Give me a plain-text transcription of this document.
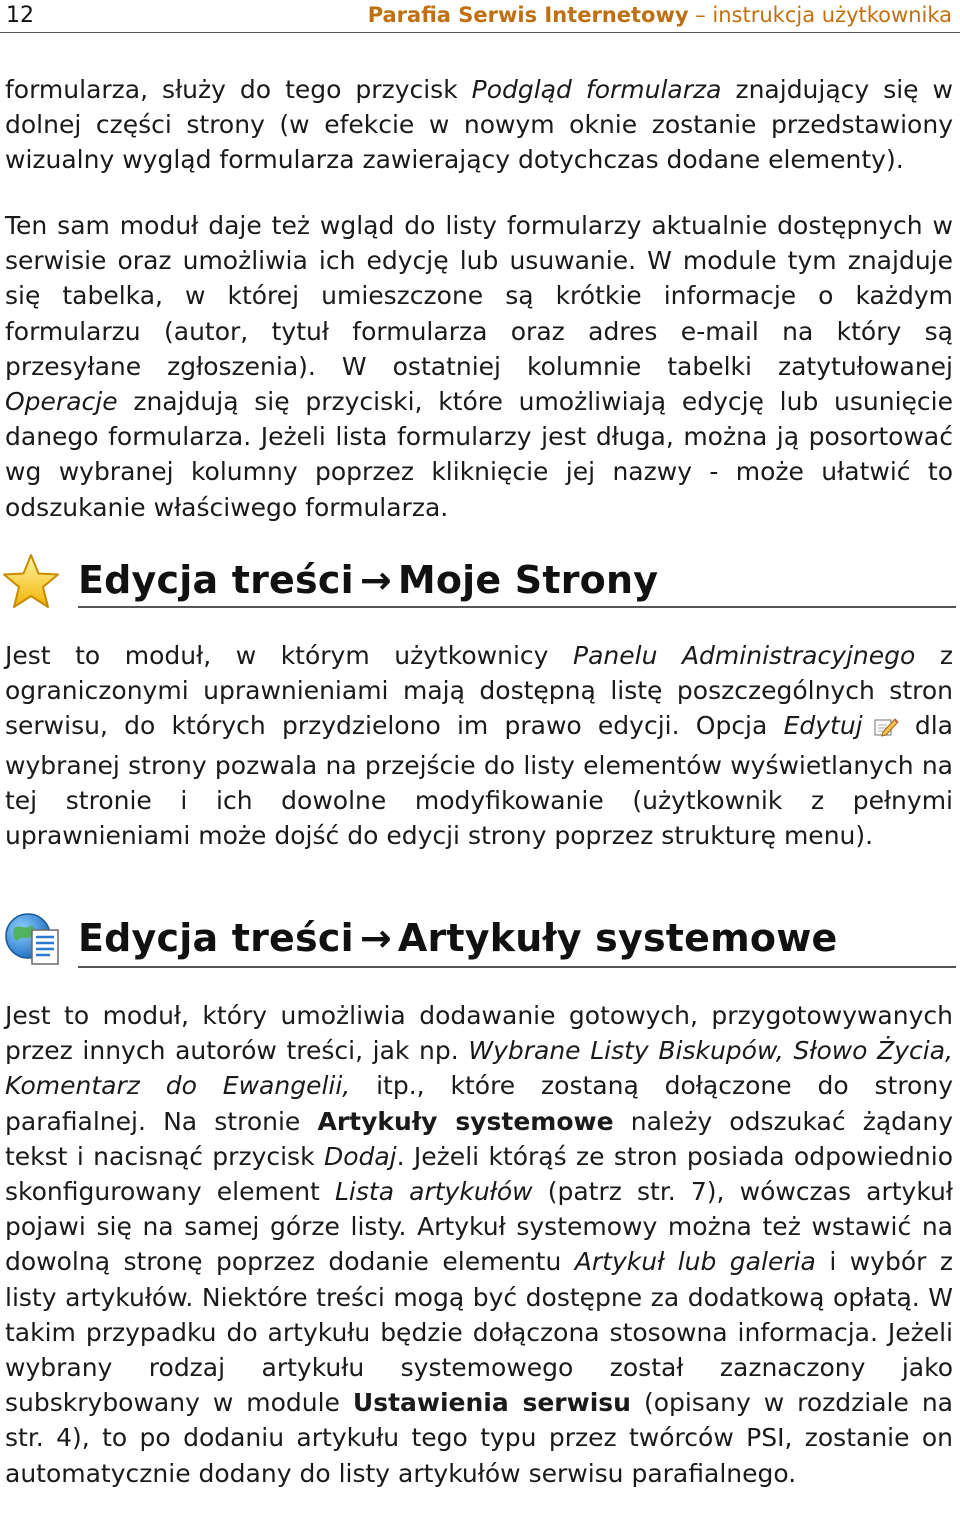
12	Parafia Serwis Internetowy – instrukcja użytkownika

formularza, służy do tego przycisk Podgląd formularza znajdujący się w dolnej części strony (w efekcie w nowym oknie zostanie przedstawiony wizualny wygląd formularza zawierający dotychczas dodane elementy).

Ten sam moduł daje też wgląd do listy formularzy aktualnie dostępnych w serwisie oraz umożliwia ich edycję lub usuwanie. W module tym znajduje się tabelka, w której umieszczone są krótkie informacje o każdym formularzu (autor, tytuł formularza oraz adres e-mail na który są przesyłane zgłoszenia). W ostatniej kolumnie tabelki zatytułowanej Operacje znajdują się przyciski, które umożliwiają edycję lub usunięcie danego formularza. Jeżeli lista formularzy jest długa, można ją posortować wg wybranej kolumny poprzez kliknięcie jej nazwy - może ułatwić to odszukanie właściwego formularza.

Edycja treści → Moje Strony

Jest to moduł, w którym użytkownicy Panelu Administracyjnego z ograniczonymi uprawnieniami mają dostępną listę poszczególnych stron serwisu, do których przydzielono im prawo edycji. Opcja Edytuj dla wybranej strony pozwala na przejście do listy elementów wyświetlanych na tej stronie i ich dowolne modyfikowanie (użytkownik z pełnymi uprawnieniami może dojść do edycji strony poprzez strukturę menu).

Edycja treści → Artykuły systemowe

Jest to moduł, który umożliwia dodawanie gotowych, przygotowywanych przez innych autorów treści, jak np. Wybrane Listy Biskupów, Słowo Życia, Komentarz do Ewangelii, itp., które zostaną dołączone do strony parafialnej. Na stronie Artykuły systemowe należy odszukać żądany tekst i nacisnąć przycisk Dodaj. Jeżeli którąś ze stron posiada odpowiednio skonfigurowany element Lista artykułów (patrz str. 7), wówczas artykuł pojawi się na samej górze listy. Artykuł systemowy można też wstawić na dowolną stronę poprzez dodanie elementu Artykuł lub galeria i wybór z listy artykułów. Niektóre treści mogą być dostępne za dodatkową opłatą. W takim przypadku do artykułu będzie dołączona stosowna informacja. Jeżeli wybrany rodzaj artykułu systemowego został zaznaczony jako subskrybowany w module Ustawienia serwisu (opisany w rozdziale na str. 4), to po dodaniu artykułu tego typu przez twórców PSI, zostanie on automatycznie dodany do listy artykułów serwisu parafialnego.
